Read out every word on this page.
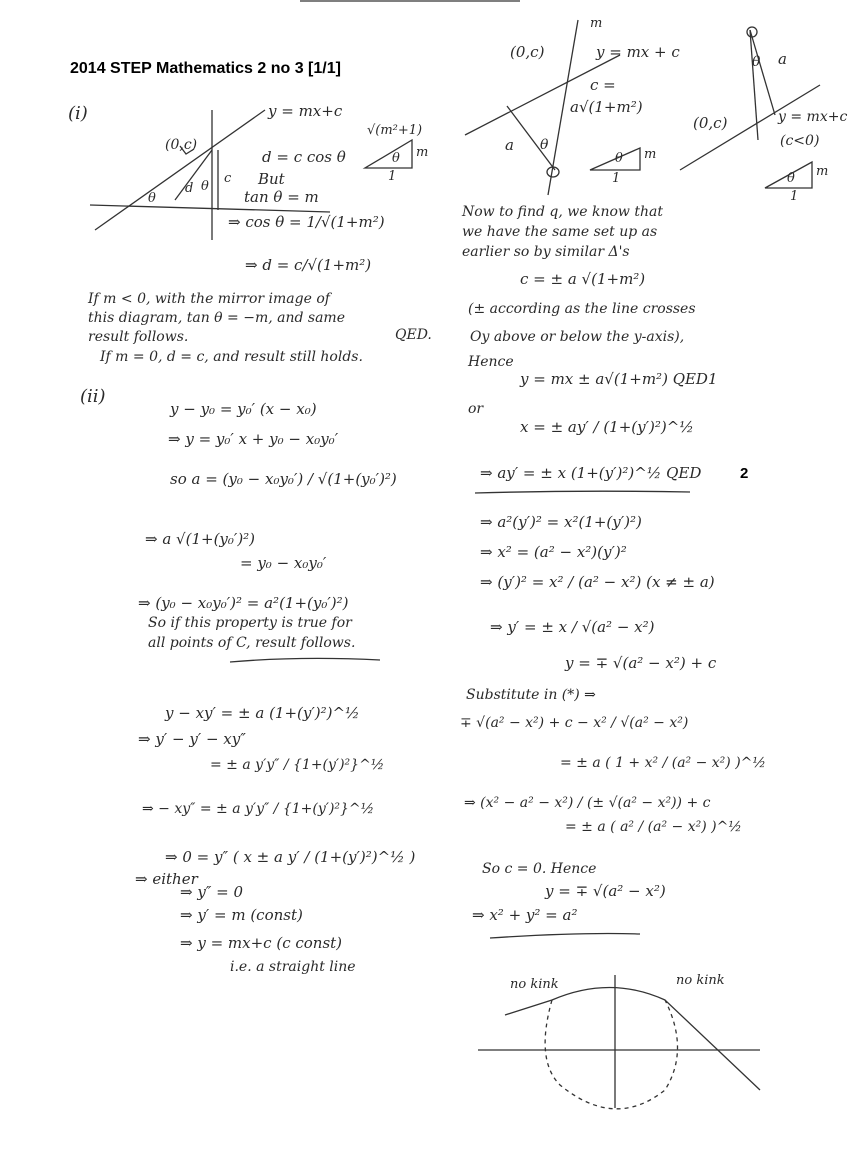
2014 STEP Mathematics 2 no 3 [1/1]
(i)	y = mx+c
(0,c)
θ
d θ
c
√(m²+1)
θ m
1
d = c cos θ
But
tan θ = m
⇒ cos θ = 1/√(1+m²)
⇒ d = c/√(1+m²)
If m < 0, with the mirror image of
this diagram, tan θ = −m, and same
result follows.	QED.
If m = 0, d = c, and result still holds.
(ii)
y − y₀ = y₀′ (x − x₀)
⇒ y = y₀′ x + y₀ − x₀y₀′
so a = (y₀ − x₀y₀′) / √(1+(y₀′)²)
⇒ a √(1+(y₀′)²)
= y₀ − x₀y₀′
⇒ (y₀ − x₀y₀′)² = a²(1+(y₀′)²)
So if this property is true for
all points of C, result follows.
y − xy′ = ± a (1+(y′)²)^½
⇒ y′ − y′ − xy″
= ± a y′y″ / {1+(y′)²}^½
⇒ − xy″ = ± a y′y″ / {1+(y′)²}^½
⇒ 0 = y″ ( x ± a y′ / (1+(y′)²)^½ )
⇒ either
⇒ y″ = 0
⇒ y′ = m (const)
⇒ y = mx+c (c const)
i.e. a straight line
m
(0,c)	y = mx + c
c =
a√(1+m²)
a θ
θ m
1
θ a
(0,c)	y = mx+c
(c<0)
θ m
1
Now to find q, we know that
we have the same set up as
earlier so by similar Δ's
c = ± a √(1+m²)
(± according as the line crosses
Oy above or below the y-axis),
Hence
y = mx ± a√(1+m²) QED1
or
x = ± ay′ / (1+(y′)²)^½
⇒ ay′ = ± x (1+(y′)²)^½ QED	2
⇒ a²(y′)² = x²(1+(y′)²)
⇒ x² = (a² − x²)(y′)²
⇒ (y′)² = x² / (a² − x²) (x ≠ ± a)
⇒ y′ = ± x / √(a² − x²)
y = ∓ √(a² − x²) + c
Substitute in (*) ⇒
∓ √(a² − x²) + c − x² / √(a² − x²)
= ± a ( 1 + x² / (a² − x²) )^½
⇒ (x² − a² − x²) / (± √(a² − x²)) + c
= ± a ( a² / (a² − x²) )^½
So c = 0. Hence
y = ∓ √(a² − x²)
⇒ x² + y² = a²
no kink	no kink
